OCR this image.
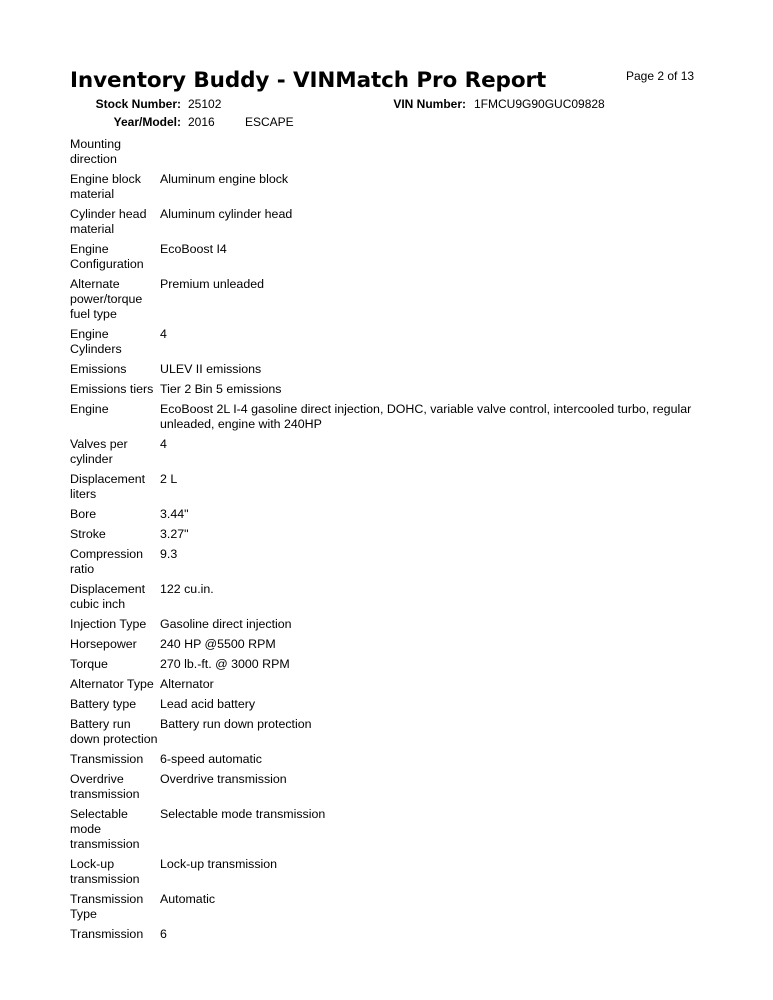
Page 2 of 13
Inventory Buddy - VINMatch Pro Report
Stock Number: 25102	VIN Number: 1FMCU9G90GUC09828
Year/Model: 2016	ESCAPE
Mounting direction	
Engine block material	Aluminum engine block
Cylinder head material	Aluminum cylinder head
Engine Configuration	EcoBoost I4
Alternate power/torque fuel type	Premium unleaded
Engine Cylinders	4
Emissions	ULEV II emissions
Emissions tiers	Tier 2 Bin 5 emissions
Engine	EcoBoost 2L I-4 gasoline direct injection, DOHC, variable valve control, intercooled turbo, regular unleaded, engine with 240HP
Valves per cylinder	4
Displacement liters	2 L
Bore	3.44"
Stroke	3.27"
Compression ratio	9.3
Displacement cubic inch	122 cu.in.
Injection Type	Gasoline direct injection
Horsepower	240 HP @5500 RPM
Torque	270 lb.-ft. @ 3000 RPM
Alternator Type	Alternator
Battery type	Lead acid battery
Battery run down protection	Battery run down protection
Transmission	6-speed automatic
Overdrive transmission	Overdrive transmission
Selectable mode transmission	Selectable mode transmission
Lock-up transmission	Lock-up transmission
Transmission Type	Automatic
Transmission	6
